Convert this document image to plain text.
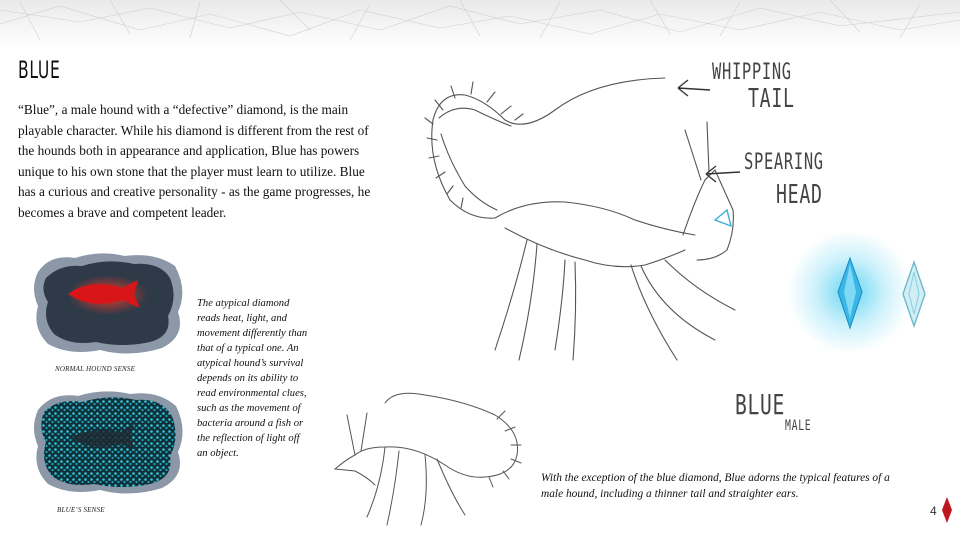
BLUE
“Blue”, a male hound with a “defective” diamond, is the main playable character. While his diamond is different from the rest of the hounds both in appearance and application, Blue has powers unique to his own stone that the player must learn to utilize. Blue has a curious and creative personality - as the game progresses, he becomes a brave and competent leader.
NORMAL HOUND SENSE
BLUE’S SENSE
The atypical diamond reads heat, light, and movement differently than that of a typical one. An atypical hound’s survival depends on its ability to read environmental clues, such as the movement of bacteria around a fish or the reflection of light off an object.
WHIPPING
TAIL
SPEARING
HEAD
BLUE
MALE
With the exception of the blue diamond, Blue adorns the typical features of a male hound, including a thinner tail and straighter ears.
4
